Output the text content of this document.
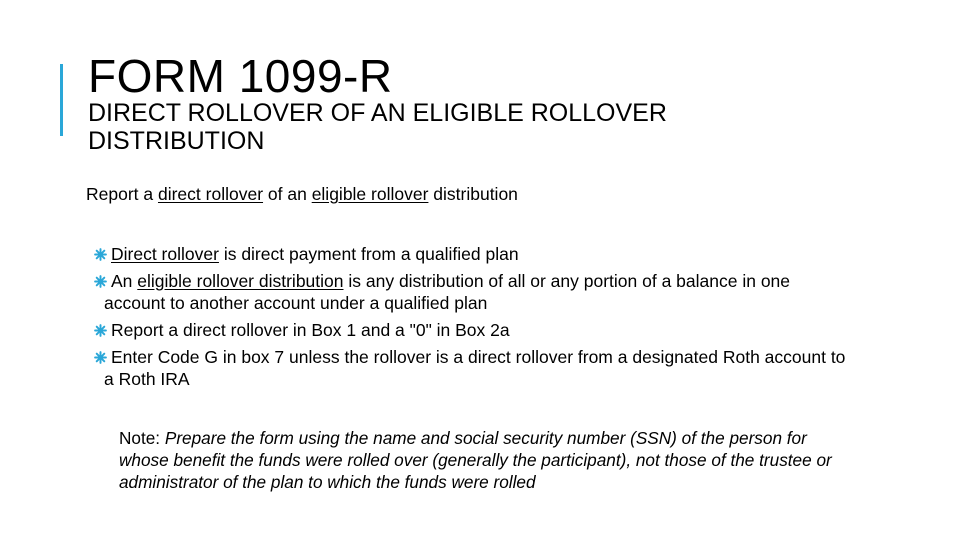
FORM 1099-R
DIRECT ROLLOVER OF AN ELIGIBLE ROLLOVER DISTRIBUTION
Report a direct rollover of an eligible rollover distribution
Direct rollover is direct payment from a qualified plan
An eligible rollover distribution is any distribution of all or any portion of a balance in one account to another account under a qualified plan
Report a direct rollover in Box 1 and a "0" in Box 2a
Enter Code G in box 7 unless the rollover is a direct rollover from a designated Roth account to a Roth IRA
Note: Prepare the form using the name and social security number (SSN) of the person for whose benefit the funds were rolled over (generally the participant), not those of the trustee or administrator of the plan to which the funds were rolled
